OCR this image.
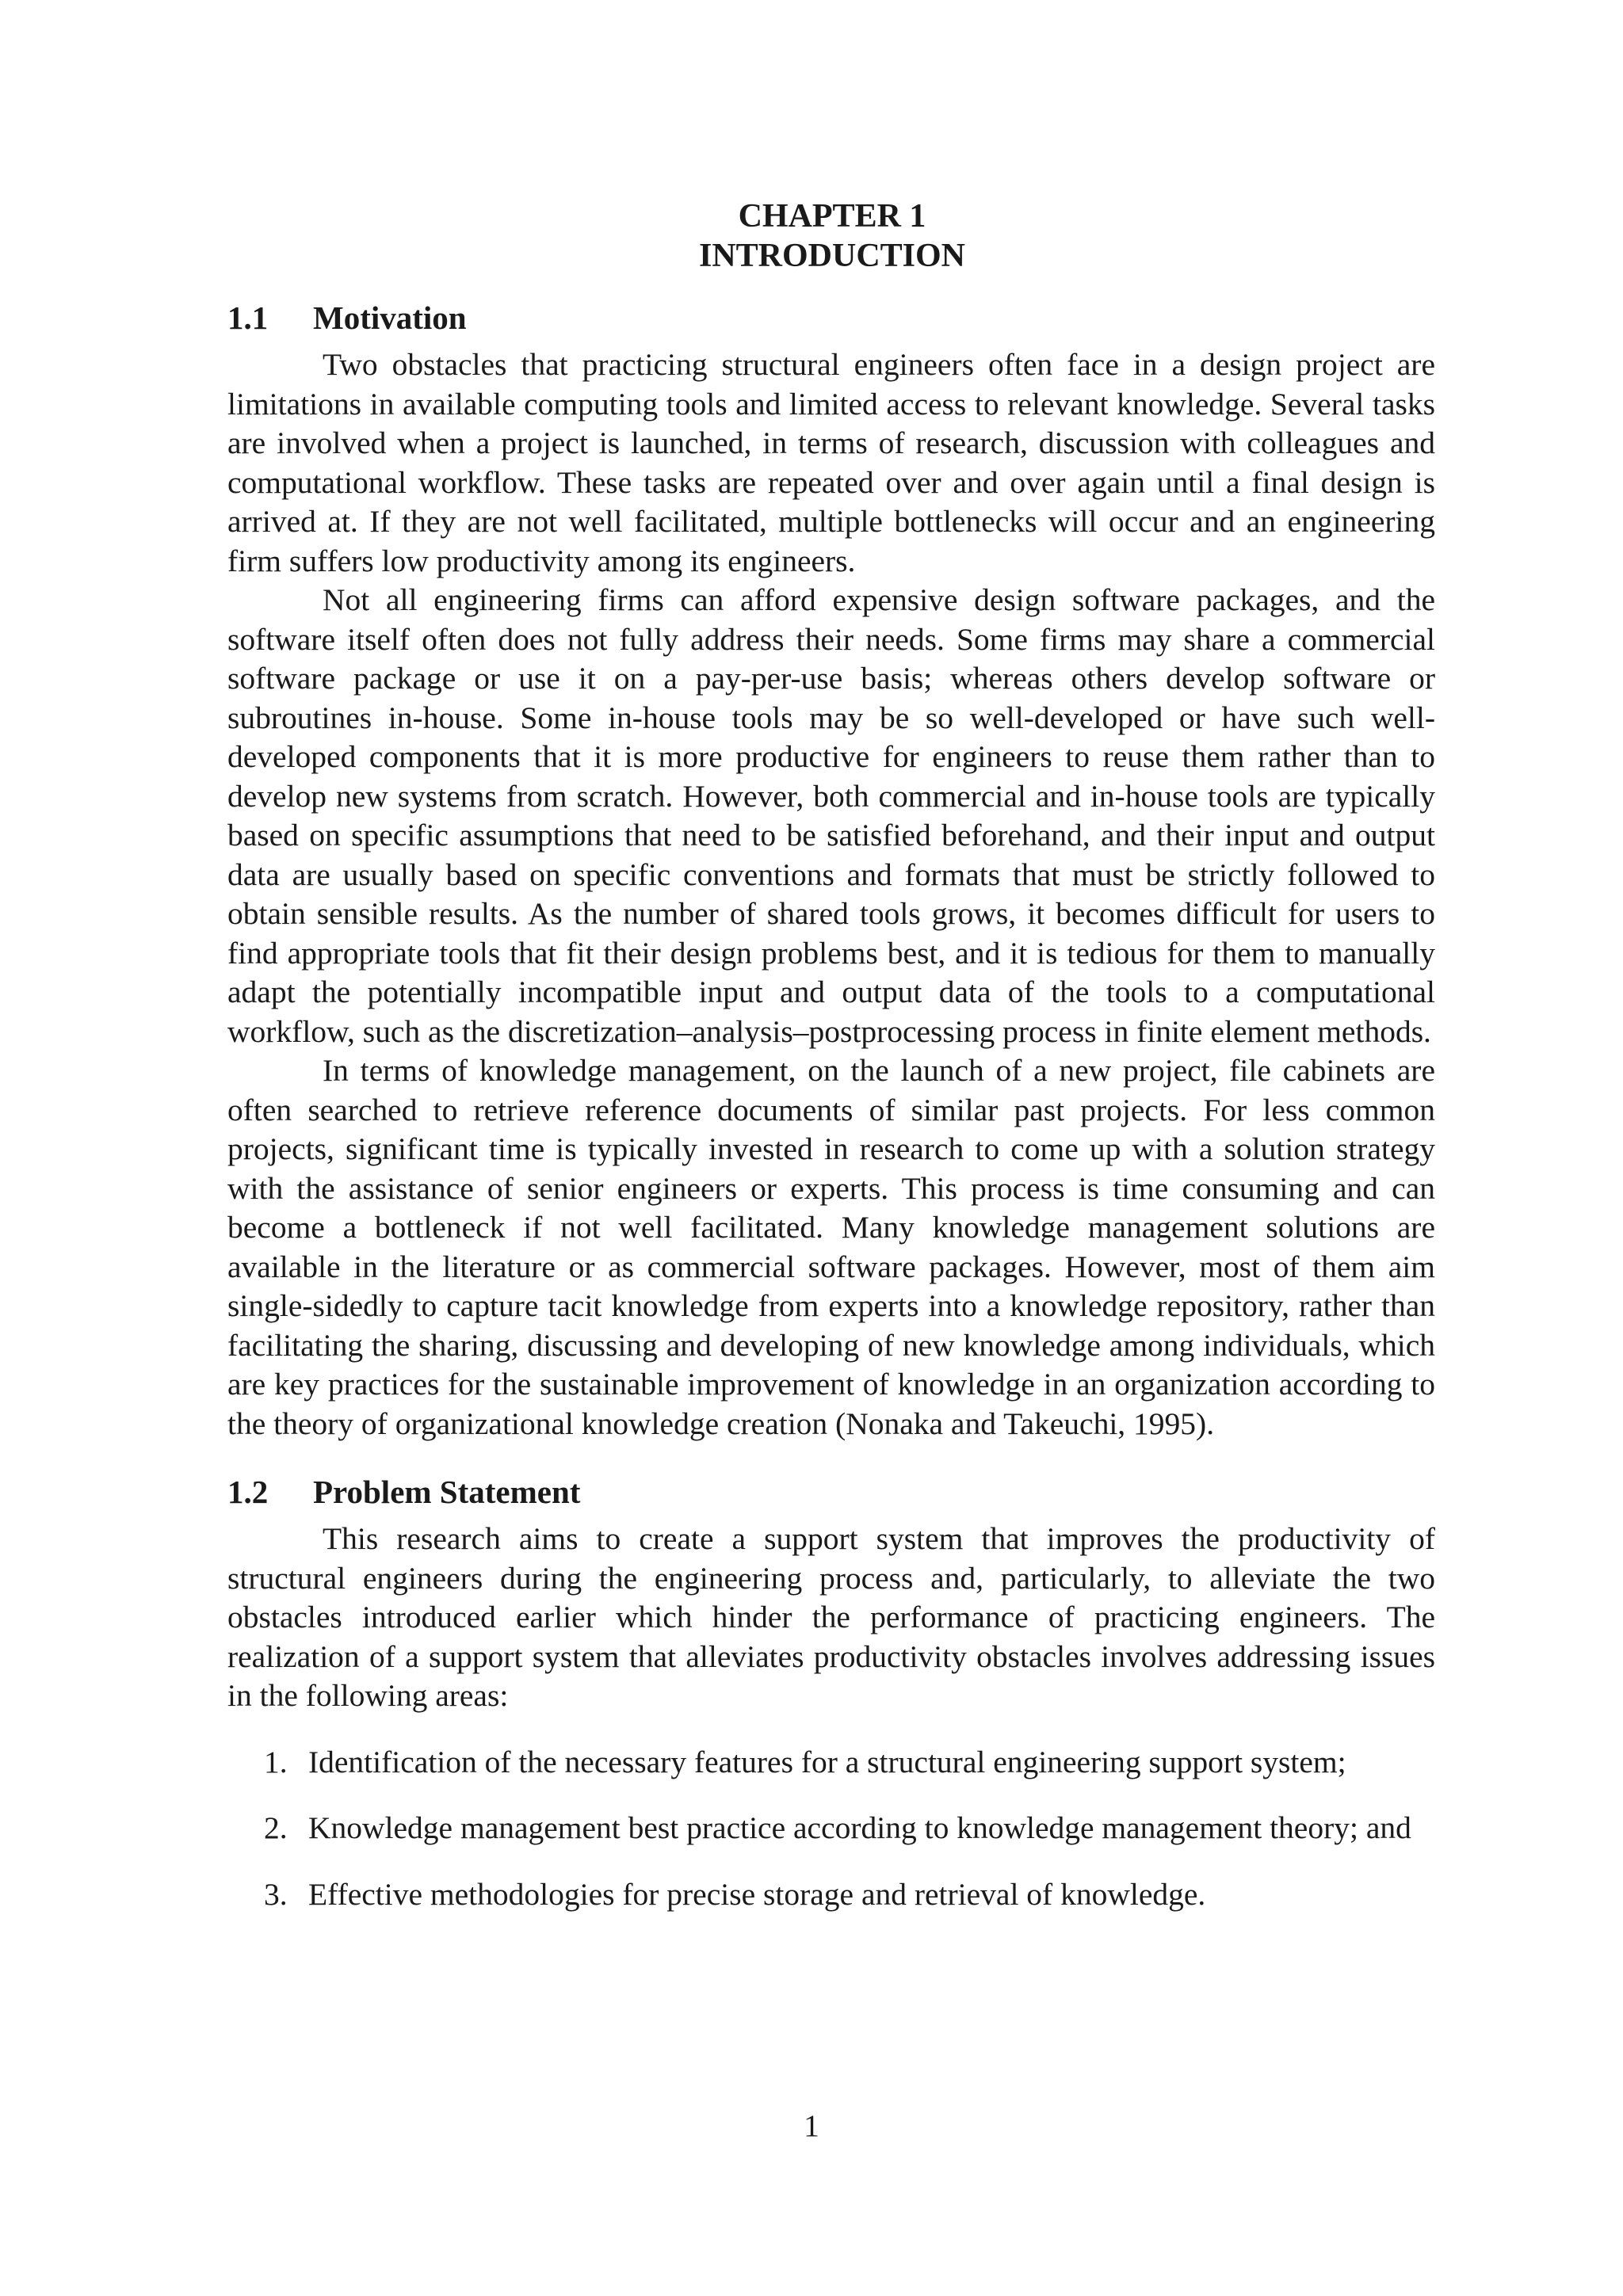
CHAPTER 1
INTRODUCTION
1.1 Motivation

Two obstacles that practicing structural engineers often face in a design project are limitations in available computing tools and limited access to relevant knowledge. Several tasks are involved when a project is launched, in terms of research, discussion with colleagues and computational workflow. These tasks are repeated over and over again until a final design is arrived at. If they are not well facilitated, multiple bottlenecks will occur and an engineering firm suffers low productivity among its engineers.

Not all engineering firms can afford expensive design software packages, and the software itself often does not fully address their needs. Some firms may share a commercial software package or use it on a pay-per-use basis; whereas others develop software or subroutines in-house. Some in-house tools may be so well-developed or have such well-developed components that it is more productive for engineers to reuse them rather than to develop new systems from scratch. However, both commercial and in-house tools are typically based on specific assumptions that need to be satisfied beforehand, and their input and output data are usually based on specific conventions and formats that must be strictly followed to obtain sensible results. As the number of shared tools grows, it becomes difficult for users to find appropriate tools that fit their design problems best, and it is tedious for them to manually adapt the potentially incompatible input and output data of the tools to a computational workflow, such as the discretization–analysis–postprocessing process in finite element methods.

In terms of knowledge management, on the launch of a new project, file cabinets are often searched to retrieve reference documents of similar past projects. For less common projects, significant time is typically invested in research to come up with a solution strategy with the assistance of senior engineers or experts. This process is time consuming and can become a bottleneck if not well facilitated. Many knowledge management solutions are available in the literature or as commercial software packages. However, most of them aim single-sidedly to capture tacit knowledge from experts into a knowledge repository, rather than facilitating the sharing, discussing and developing of new knowledge among individuals, which are key practices for the sustainable improvement of knowledge in an organization according to the theory of organizational knowledge creation (Nonaka and Takeuchi, 1995).

1.2 Problem Statement

This research aims to create a support system that improves the productivity of structural engineers during the engineering process and, particularly, to alleviate the two obstacles introduced earlier which hinder the performance of practicing engineers. The realization of a support system that alleviates productivity obstacles involves addressing issues in the following areas:

1. Identification of the necessary features for a structural engineering support system;
2. Knowledge management best practice according to knowledge management theory; and
3. Effective methodologies for precise storage and retrieval of knowledge.
1
